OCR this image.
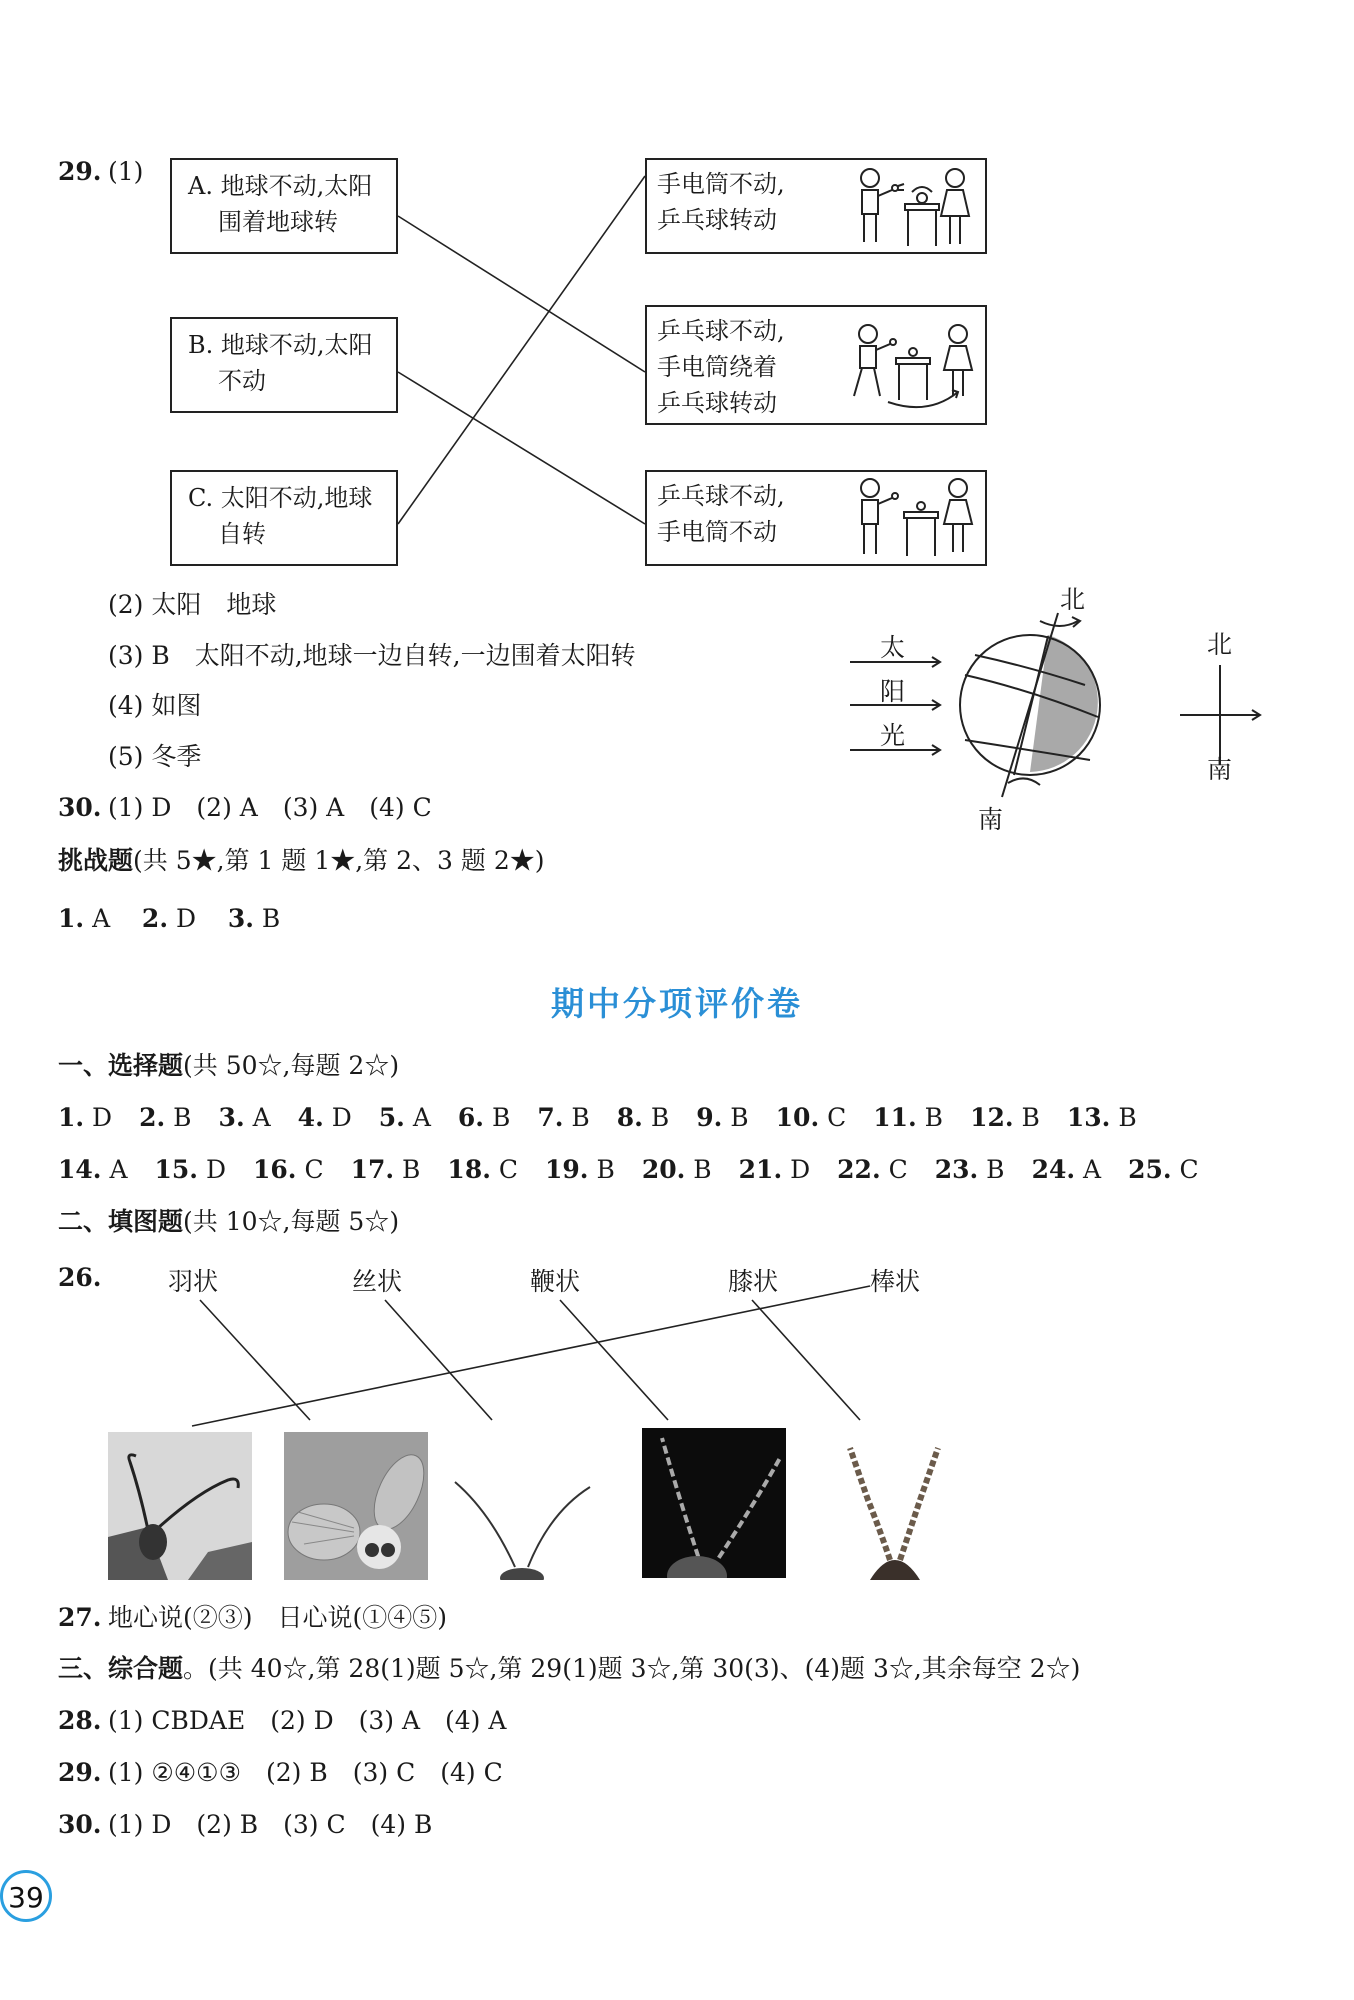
29. (1) A. 地球不动,太阳
围着地球转
B. 地球不动,太阳
不动
C. 太阳不动,地球
自转
手电筒不动,
乒乓球转动
乒乓球不动,
手电筒绕着
乒乓球转动
乒乓球不动,
手电筒不动
(2) 太阳　地球
(3) B　太阳不动,地球一边自转,一边围着太阳转
(4) 如图
(5) 冬季
太
阳
光
北
南
北
南
30. (1) D　(2) A　(3) A　(4) C
挑战题(共 5★,第 1 题 1★,第 2、3 题 2★)
1. A 2. D 3. B
期中分项评价卷
一、选择题(共 50☆,每题 2☆)
1. D 2. B 3. A 4. D 5. A 6. B 7. B 8. B 9. B 10. C 11. B 12. B 13. B
14. A 15. D 16. C 17. B 18. C 19. B 20. B 21. D 22. C 23. B 24. A 25. C
二、填图题(共 10☆,每题 5☆)
26.	羽状	丝状	鞭状	膝状	棒状
27. 地心说(②③)　日心说(①④⑤)
三、综合题。(共 40☆,第 28(1)题 5☆,第 29(1)题 3☆,第 30(3)、(4)题 3☆,其余每空 2☆)
28. (1) CBDAE　(2) D　(3) A　(4) A
29. (1) ②④①③　(2) B　(3) C　(4) C
30. (1) D　(2) B　(3) C　(4) B
39
